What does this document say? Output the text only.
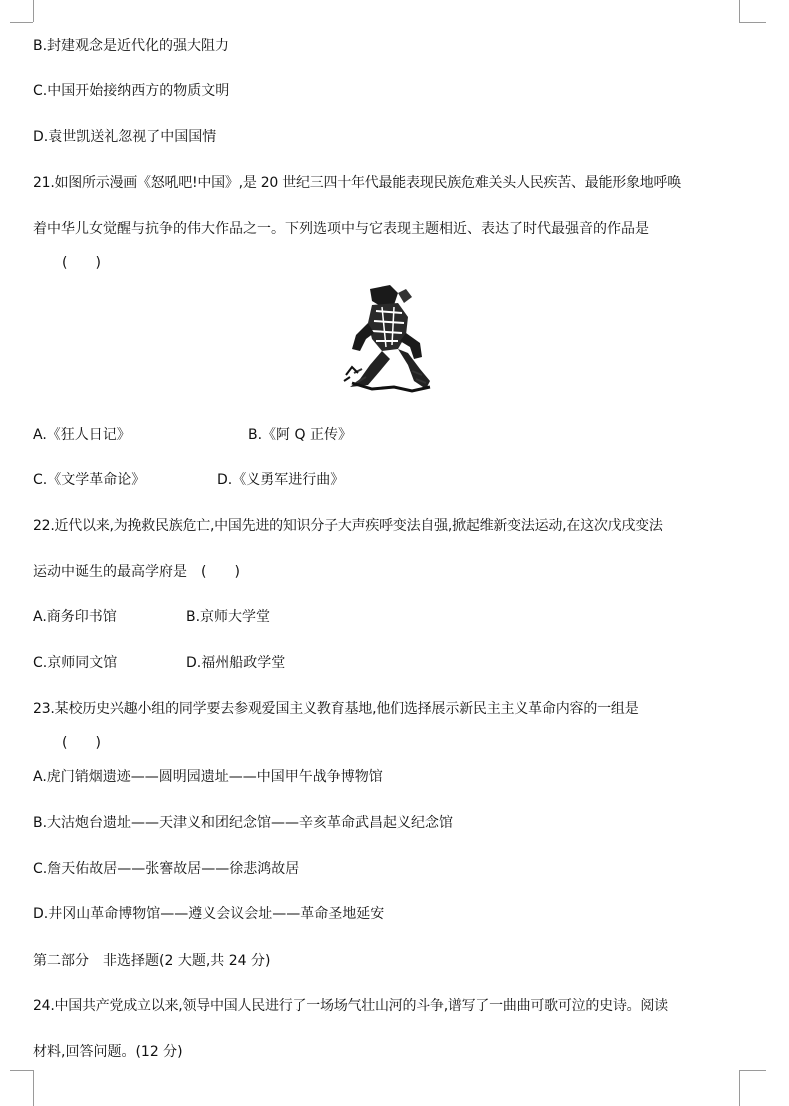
B.封建观念是近代化的强大阻力
C.中国开始接纳西方的物质文明
D.袁世凯送礼忽视了中国国情
21.如图所示漫画《怒吼吧!中国》,是 20 世纪三四十年代最能表现民族危难关头人民疾苦、最能形象地呼唤
着中华儿女觉醒与抗争的伟大作品之一。下列选项中与它表现主题相近、表达了时代最强音的作品是
(　　)
A.《狂人日记》	B.《阿 Q 正传》
C.《文学革命论》	D.《义勇军进行曲》
22.近代以来,为挽救民族危亡,中国先进的知识分子大声疾呼变法自强,掀起维新变法运动,在这次戊戌变法
运动中诞生的最高学府是　(　　)
A.商务印书馆	B.京师大学堂
C.京师同文馆	D.福州船政学堂
23.某校历史兴趣小组的同学要去参观爱国主义教育基地,他们选择展示新民主主义革命内容的一组是
(　　)
A.虎门销烟遗迹——圆明园遗址——中国甲午战争博物馆
B.大沽炮台遗址——天津义和团纪念馆——辛亥革命武昌起义纪念馆
C.詹天佑故居——张謇故居——徐悲鸿故居
D.井冈山革命博物馆——遵义会议会址——革命圣地延安
第二部分　非选择题(2 大题,共 24 分)
24.中国共产党成立以来,领导中国人民进行了一场场气壮山河的斗争,谱写了一曲曲可歌可泣的史诗。阅读
材料,回答问题。(12 分)
